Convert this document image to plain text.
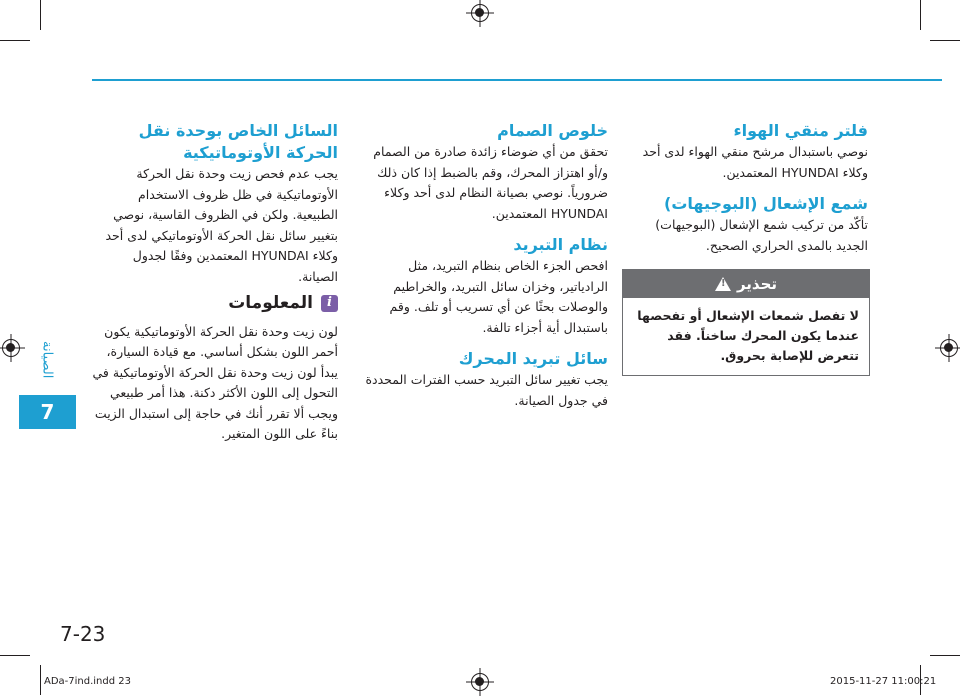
الصيانة
7

فلتر منقي الهواء

نوصي باستبدال مرشح منقي الهواء لدى أحد وكلاء HYUNDAI المعتمدين.

شمع الإشعال (البوجيهات)

تأكّد من تركيب شمع الإشعال (البوجيهات) الجديد بالمدى الحراري الصحيح.

تحذير
!
لا تفصل شمعات الإشعال أو تفحصها عندما يكون المحرك ساخناً. فقد تتعرض للإصابة بحروق.

خلوص الصمام

تحقق من أي ضوضاء زائدة صادرة من الصمام و/أو اهتزاز المحرك، وقم بالضبط إذا كان ذلك ضرورياً. نوصي بصيانة النظام لدى أحد وكلاء HYUNDAI المعتمدين.

نظام التبريد

افحص الجزء الخاص بنظام التبريد، مثل الرادياتير، وخزان سائل التبريد، والخراطيم والوصلات بحثًا عن أي تسريب أو تلف. وقم باستبدال أية أجزاء تالفة.

سائل تبريد المحرك

يجب تغيير سائل التبريد حسب الفترات المحددة في جدول الصيانة.

السائل الخاص بوحدة نقل الحركة الأوتوماتيكية

يجب عدم فحص زيت وحدة نقل الحركة الأوتوماتيكية في ظل ظروف الاستخدام الطبيعية. ولكن في الظروف القاسية، نوصي بتغيير سائل نقل الحركة الأوتوماتيكي لدى أحد وكلاء HYUNDAI المعتمدين وفقًا لجدول الصيانة.

i
المعلومات

لون زيت وحدة نقل الحركة الأوتوماتيكية يكون أحمر اللون بشكل أساسي. مع قيادة السيارة، يبدأ لون زيت وحدة نقل الحركة الأوتوماتيكية في التحول إلى اللون الأكثر دكنة. هذا أمر طبيعي ويجب ألا تقرر أنك في حاجة إلى استبدال الزيت بناءً على اللون المتغير.

7-23
ADa-7ind.indd 23	2015-11-27 11:00:21
